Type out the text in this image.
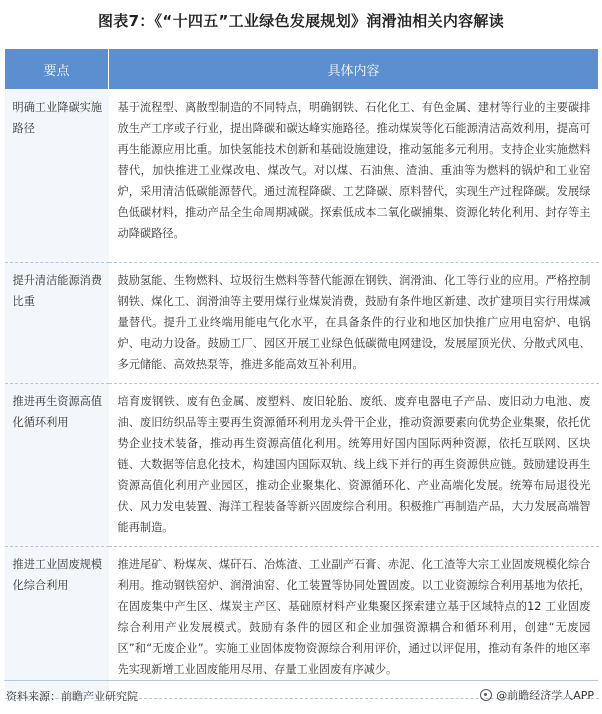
图表7：《“十四五”工业绿色发展规划》润滑油相关内容解读
要点	具体内容
明确工业降碳实施路径	基于流程型、离散型制造的不同特点，明确钢铁、石化化工、有色金属、建材等行业的主要碳排放生产工序或子行业，提出降碳和碳达峰实施路径。推动煤炭等化石能源清洁高效利用，提高可再生能源应用比重。加快氢能技术创新和基础设施建设，推动氢能多元利用。支持企业实施燃料替代，加快推进工业煤改电、煤改气。对以煤、石油焦、渣油、重油等为燃料的锅炉和工业窑炉，采用清洁低碳能源替代。通过流程降碳、工艺降碳、原料替代，实现生产过程降碳。发展绿色低碳材料，推动产品全生命周期减碳。探索低成本二氧化碳捕集、资源化转化利用、封存等主动降碳路径。
提升清洁能源消费比重	鼓励氢能、生物燃料、垃圾衍生燃料等替代能源在钢铁、润滑油、化工等行业的应用。严格控制钢铁、煤化工、润滑油等主要用煤行业煤炭消费，鼓励有条件地区新建、改扩建项目实行用煤减量替代。提升工业终端用能电气化水平，在具备条件的行业和地区加快推广应用电窑炉、电锅炉、电动力设备。鼓励工厂、园区开展工业绿色低碳微电网建设，发展屋顶光伏、分散式风电、多元储能、高效热泵等，推进多能高效互补利用。
推进再生资源高值化循环利用	培育废钢铁、废有色金属、废塑料、废旧轮胎、废纸、废弃电器电子产品、废旧动力电池、废油、废旧纺织品等主要再生资源循环利用龙头骨干企业，推动资源要素向优势企业集聚，依托优势企业技术装备，推动再生资源高值化利用。统筹用好国内国际两种资源，依托互联网、区块链、大数据等信息化技术，构建国内国际双轨、线上线下并行的再生资源供应链。鼓励建设再生资源高值化利用产业园区，推动企业聚集化、资源循环化、产业高端化发展。统筹布局退役光伏、风力发电装置、海洋工程装备等新兴固废综合利用。积极推广再制造产品，大力发展高端智能再制造。
推进工业固废规模化综合利用	推进尾矿、粉煤灰、煤矸石、冶炼渣、工业副产石膏、赤泥、化工渣等大宗工业固废规模化综合利用。推动钢铁窑炉、润滑油窑、化工装置等协同处置固废。以工业资源综合利用基地为依托，在固废集中产生区、煤炭主产区、基础原材料产业集聚区探索建立基于区域特点的12 工业固废综合利用产业发展模式。鼓励有条件的园区和企业加强资源耦合和循环利用，创建“无废园区”和“无废企业”。实施工业固体废物资源综合利用评价，通过以评促用，推动有条件的地区率先实现新增工业固废能用尽用、存量工业固废有序减少。
资料来源：前瞻产业研究院	@前瞻经济学人APP
